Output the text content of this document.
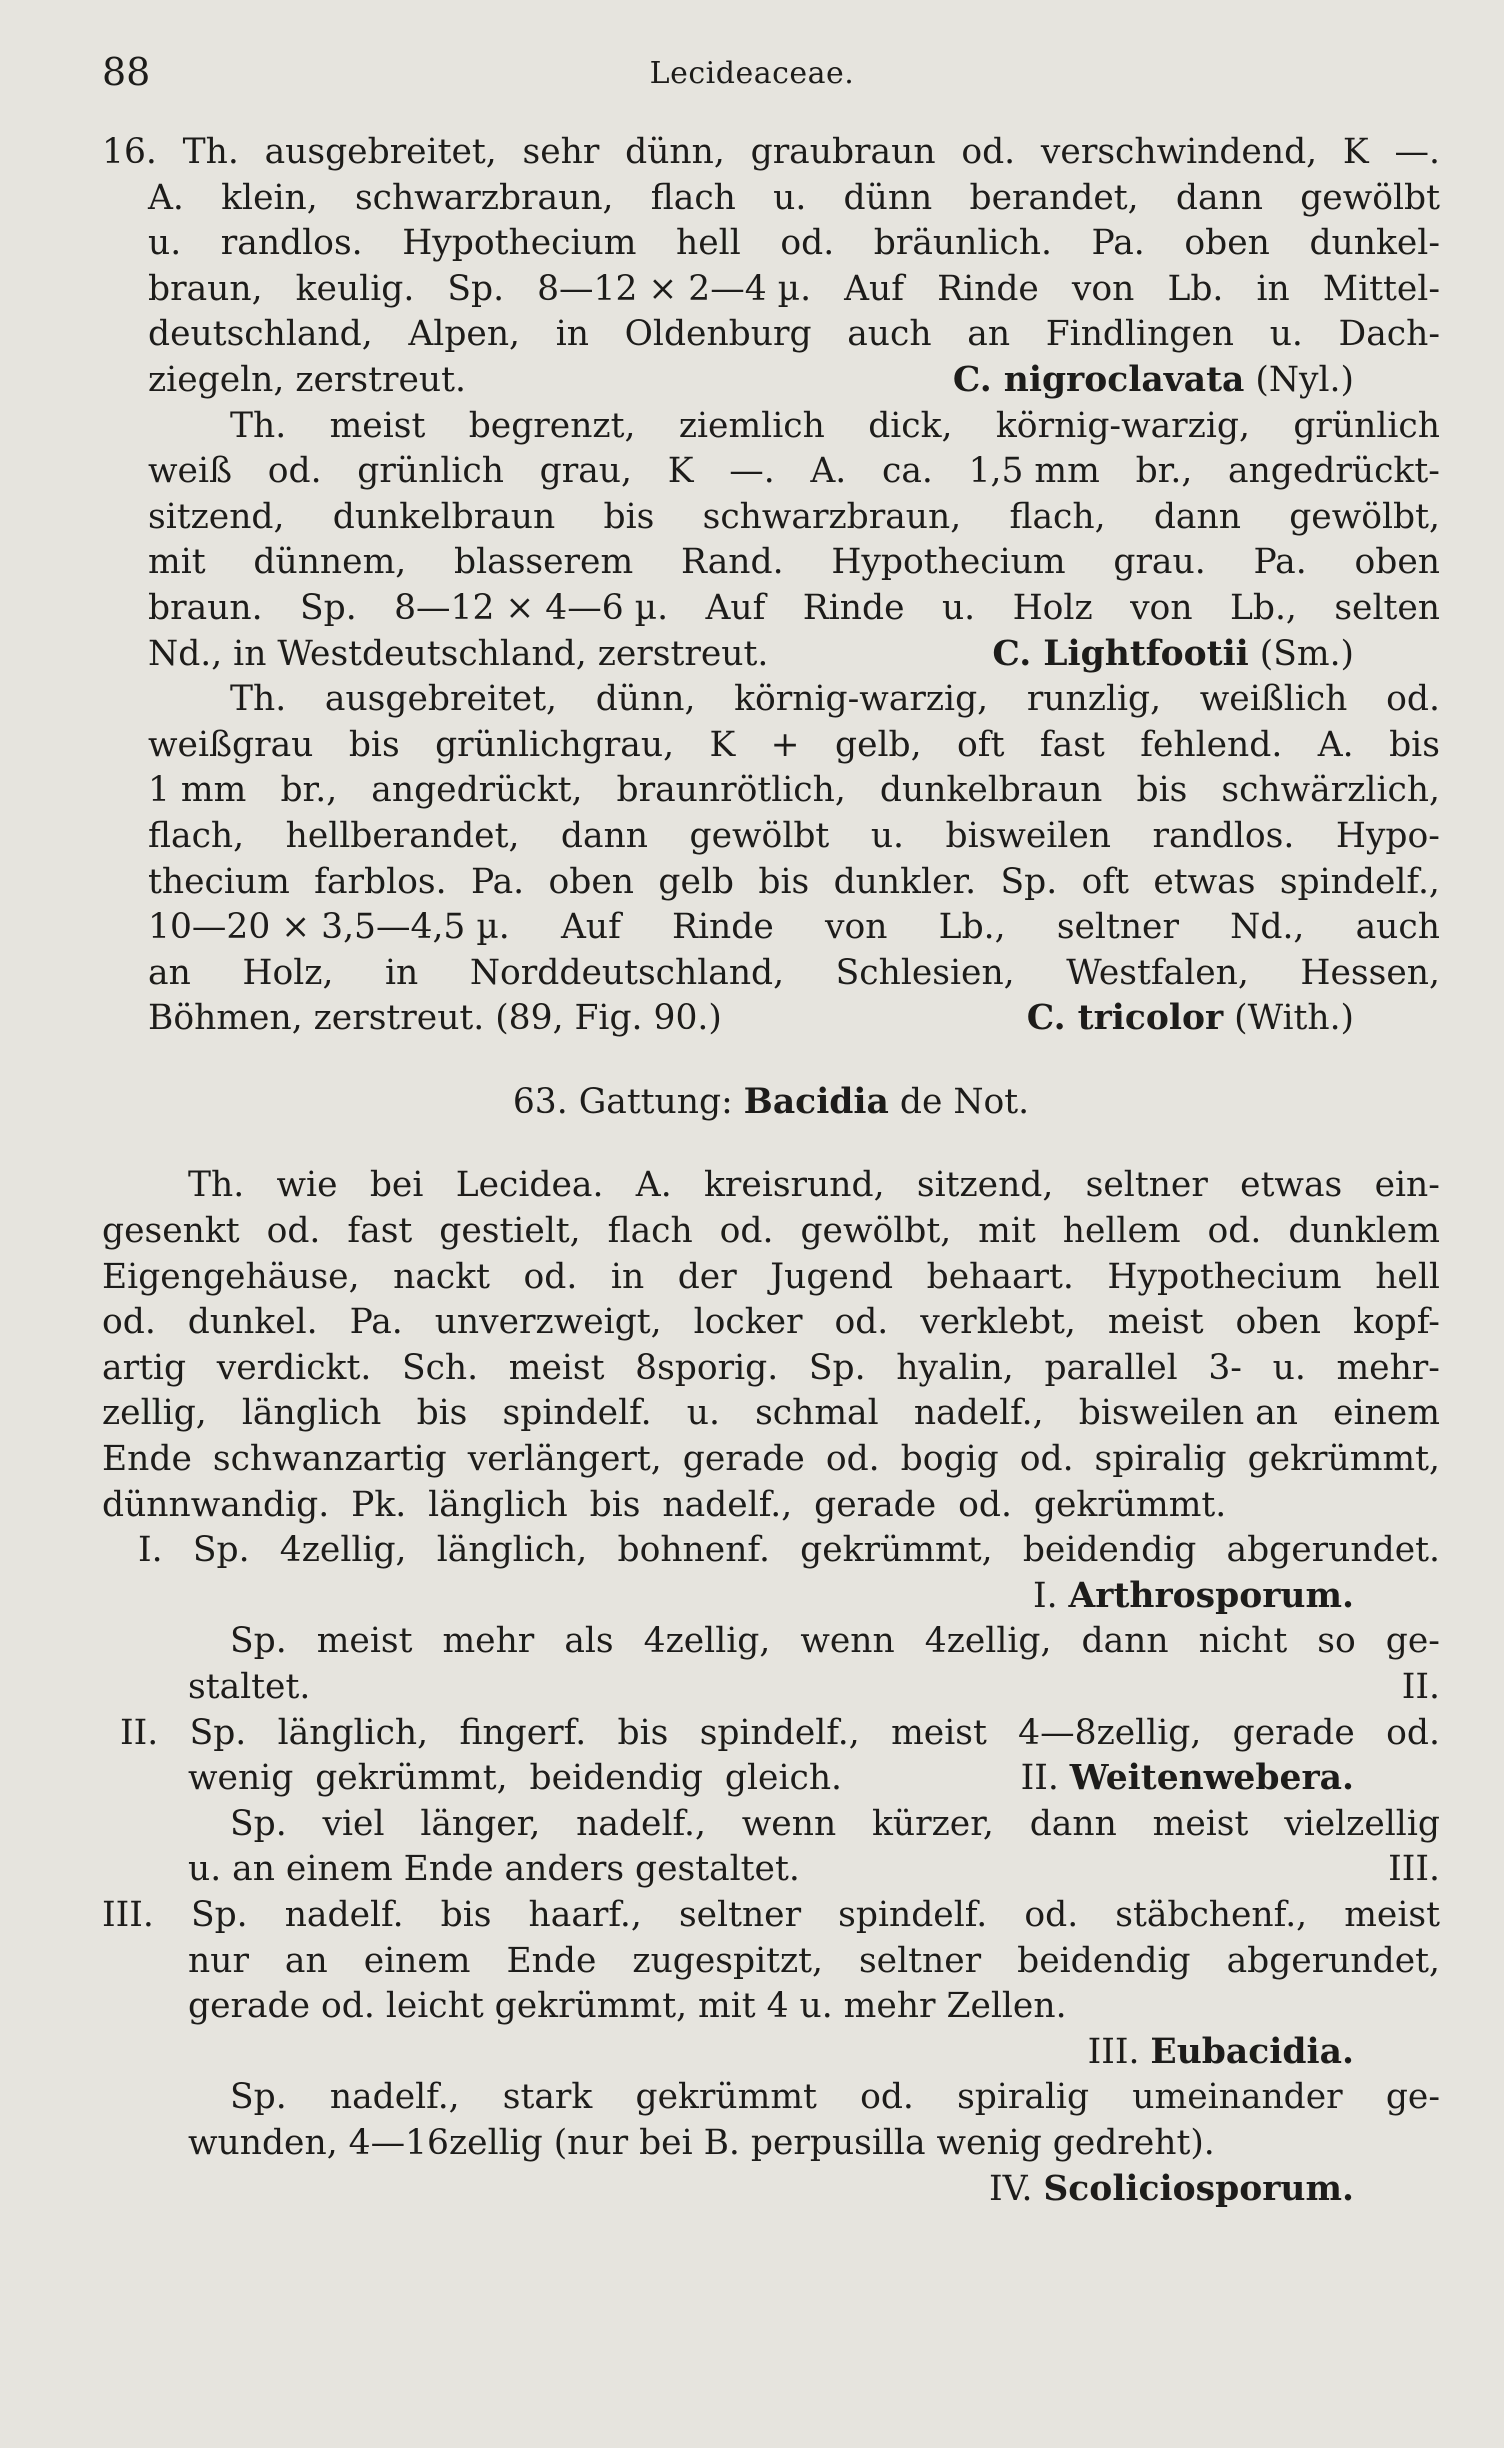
88	Lecideaceae.
16. Th. ausgebreitet, sehr dünn, graubraun od. verschwindend, K —.
A. klein, schwarzbraun, flach u. dünn berandet, dann gewölbt
u. randlos. Hypothecium hell od. bräunlich. Pa. oben dunkel-
braun, keulig. Sp. 8—12 × 2—4 µ. Auf Rinde von Lb. in Mittel-
deutschland, Alpen, in Oldenburg auch an Findlingen u. Dach-
ziegeln, zerstreut.	C. nigroclavata (Nyl.)
Th. meist begrenzt, ziemlich dick, körnig-warzig, grünlich
weiß od. grünlich grau, K —. A. ca. 1,5 mm br., angedrückt-
sitzend, dunkelbraun bis schwarzbraun, flach, dann gewölbt,
mit dünnem, blasserem Rand. Hypothecium grau. Pa. oben
braun. Sp. 8—12 × 4—6 µ. Auf Rinde u. Holz von Lb., selten
Nd., in Westdeutschland, zerstreut.	C. Lightfootii (Sm.)
Th. ausgebreitet, dünn, körnig-warzig, runzlig, weißlich od.
weißgrau bis grünlichgrau, K + gelb, oft fast fehlend. A. bis
1 mm br., angedrückt, braunrötlich, dunkelbraun bis schwärzlich,
flach, hellberandet, dann gewölbt u. bisweilen randlos. Hypo-
thecium farblos. Pa. oben gelb bis dunkler. Sp. oft etwas spindelf.,
10—20 × 3,5—4,5 µ. Auf Rinde von Lb., seltner Nd., auch
an Holz, in Norddeutschland, Schlesien, Westfalen, Hessen,
Böhmen, zerstreut. (89, Fig. 90.)	C. tricolor (With.)
63. Gattung: Bacidia de Not.
Th. wie bei Lecidea. A. kreisrund, sitzend, seltner etwas ein-
gesenkt od. fast gestielt, flach od. gewölbt, mit hellem od. dunklem
Eigengehäuse, nackt od. in der Jugend behaart. Hypothecium hell
od. dunkel. Pa. unverzweigt, locker od. verklebt, meist oben kopf-
artig verdickt. Sch. meist 8sporig. Sp. hyalin, parallel 3- u. mehr-
zellig, länglich bis spindelf. u. schmal nadelf., bisweilen an einem
Ende schwanzartig verlängert, gerade od. bogig od. spiralig gekrümmt,
dünnwandig.  Pk.  länglich  bis  nadelf.,  gerade  od.  gekrümmt.
I. Sp. 4zellig, länglich, bohnenf. gekrümmt, beidendig abgerundet.
I. Arthrosporum.
Sp. meist mehr als 4zellig, wenn 4zellig, dann nicht so ge-
staltet.	II.
II. Sp. länglich, fingerf. bis spindelf., meist 4—8zellig, gerade od.
wenig  gekrümmt,  beidendig  gleich.	II. Weitenwebera.
Sp. viel länger, nadelf., wenn kürzer, dann meist vielzellig
u. an einem Ende anders gestaltet.	III.
III. Sp. nadelf. bis haarf., seltner spindelf. od. stäbchenf., meist
nur an einem Ende zugespitzt, seltner beidendig abgerundet,
gerade od. leicht gekrümmt, mit 4 u. mehr Zellen.
III. Eubacidia.
Sp. nadelf., stark gekrümmt od. spiralig umeinander ge-
wunden, 4—16zellig (nur bei B. perpusilla wenig gedreht).
IV. Scoliciosporum.
